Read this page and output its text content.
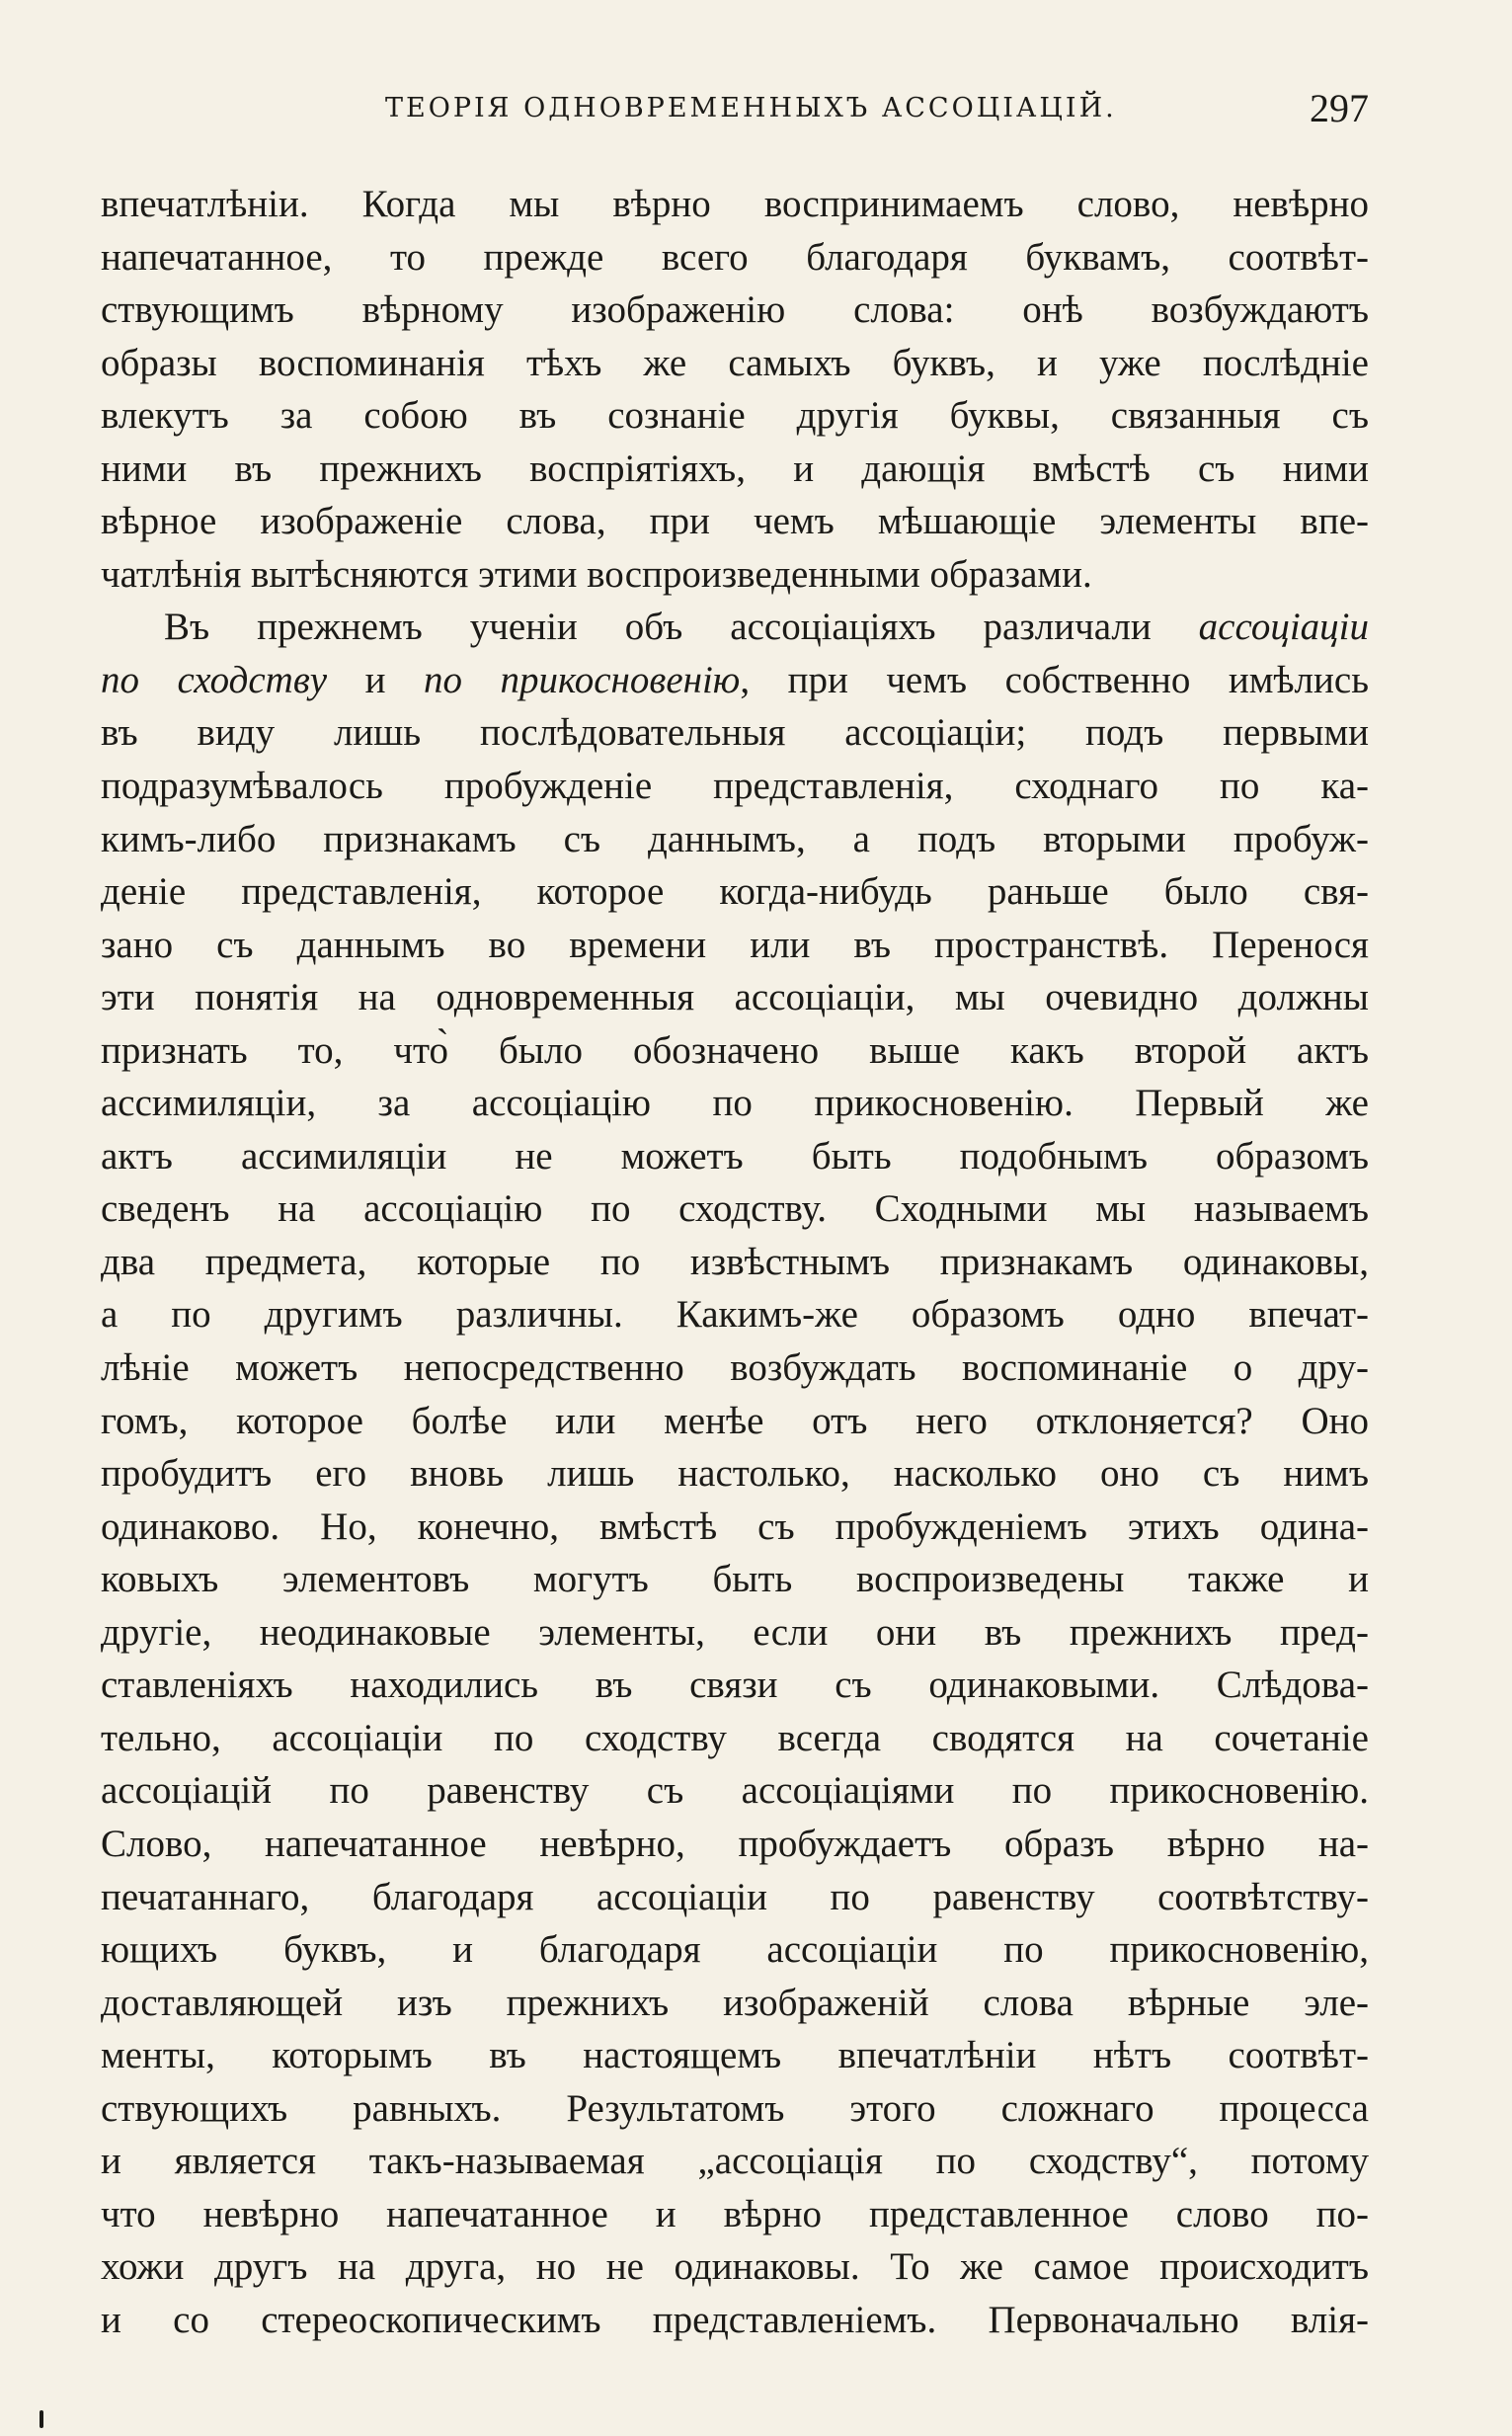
ТЕОРІЯ ОДНОВРЕМЕННЫХЪ АССОЦІАЦІЙ.	297
впечатлѣніи. Когда мы вѣрно воспринимаемъ слово, невѣрно
напечатанное, то прежде всего благодаря буквамъ, соотвѣт-
ствующимъ вѣрному изображенію слова: онѣ возбуждаютъ
образы воспоминанія тѣхъ же самыхъ буквъ, и уже послѣдніе
влекутъ за собою въ сознаніе другія буквы, связанныя съ
ними въ прежнихъ воспріятіяхъ, и дающія вмѣстѣ съ ними
вѣрное изображеніе слова, при чемъ мѣшающіе элементы впе-
чатлѣнія вытѣсняются этими воспроизведенными образами.
Въ прежнемъ ученіи объ ассоціаціяхъ различали ассоціаціи
по сходству и по прикосновенію, при чемъ собственно имѣлись
въ виду лишь послѣдовательныя ассоціаціи; подъ первыми
подразумѣвалось пробужденіе представленія, сходнаго по ка-
кимъ-либо признакамъ съ даннымъ, а подъ вторыми пробуж-
деніе представленія, которое когда-нибудь раньше было свя-
зано съ даннымъ во времени или въ пространствѣ. Перенося
эти понятія на одновременныя ассоціаціи, мы очевидно должны
признать то, что̀ было обозначено выше какъ второй актъ
ассимиляціи, за ассоціацію по прикосновенію. Первый же
актъ ассимиляціи не можетъ быть подобнымъ образомъ
сведенъ на ассоціацію по сходству. Сходными мы называемъ
два предмета, которые по извѣстнымъ признакамъ одинаковы,
а по другимъ различны. Какимъ-же образомъ одно впечат-
лѣніе можетъ непосредственно возбуждать воспоминаніе о дру-
гомъ, которое болѣе или менѣе отъ него отклоняется? Оно
пробудитъ его вновь лишь настолько, насколько оно съ нимъ
одинаково. Но, конечно, вмѣстѣ съ пробужденіемъ этихъ одина-
ковыхъ элементовъ могутъ быть воспроизведены также и
другіе, неодинаковые элементы, если они въ прежнихъ пред-
ставленіяхъ находились въ связи съ одинаковыми. Слѣдова-
тельно, ассоціаціи по сходству всегда сводятся на сочетаніе
ассоціацій по равенству съ ассоціаціями по прикосновенію.
Слово, напечатанное невѣрно, пробуждаетъ образъ вѣрно на-
печатаннаго, благодаря ассоціаціи по равенству соотвѣтству-
ющихъ буквъ, и благодаря ассоціаціи по прикосновенію,
доставляющей изъ прежнихъ изображеній слова вѣрные эле-
менты, которымъ въ настоящемъ впечатлѣніи нѣтъ соотвѣт-
ствующихъ равныхъ. Результатомъ этого сложнаго процесса
и является такъ-называемая „ассоціація по сходству“, потому
что невѣрно напечатанное и вѣрно представленное слово по-
хожи другъ на друга, но не одинаковы. То же самое происходитъ
и со стереоскопическимъ представленіемъ. Первоначально влія-
